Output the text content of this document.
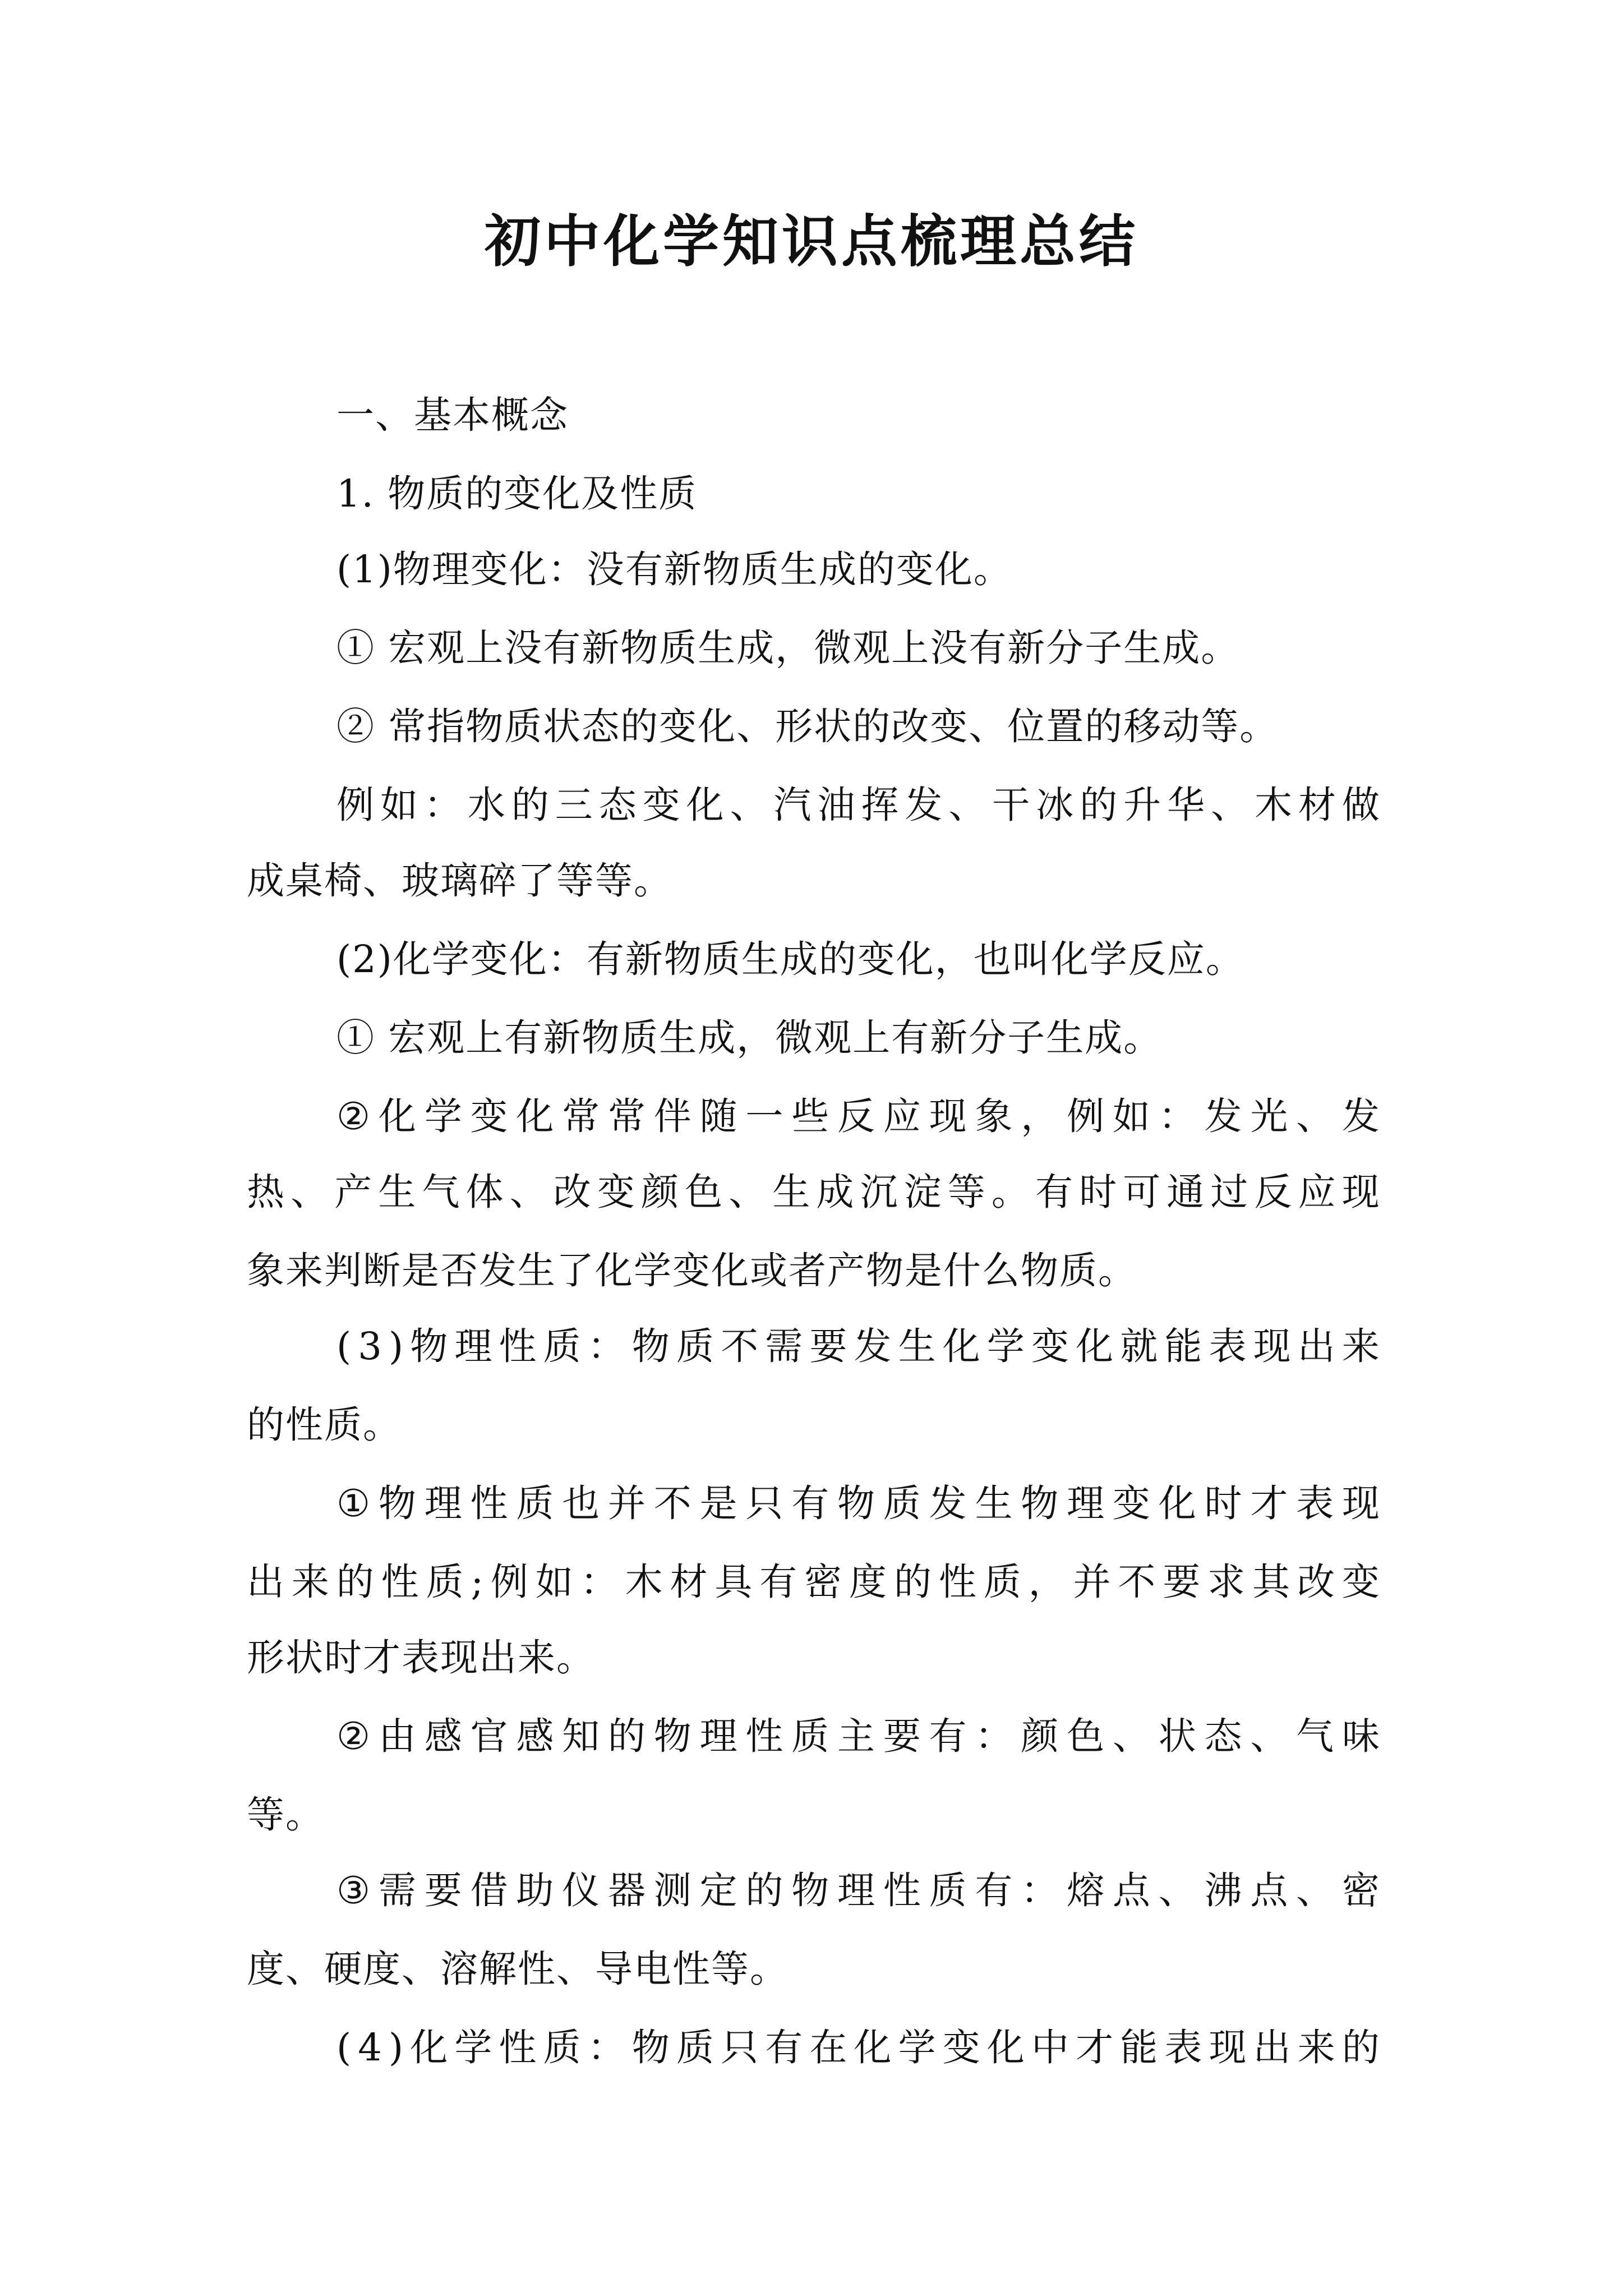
初中化学知识点梳理总结
一、基本概念
1. 物质的变化及性质
(1)物理变化：没有新物质生成的变化。
① 宏观上没有新物质生成，微观上没有新分子生成。
② 常指物质状态的变化、形状的改变、位置的移动等。
例 如 ： 水 的 三 态 变 化 、 汽 油 挥 发 、 干 冰 的 升 华 、 木 材 做
成桌椅、玻璃碎了等等。
(2)化学变化：有新物质生成的变化，也叫化学反应。
① 宏观上有新物质生成，微观上有新分子生成。
② 化 学 变 化 常 常 伴 随 一 些 反 应 现 象 ， 例 如 ： 发 光 、 发
热 、 产 生 气 体 、 改 变 颜 色 、 生 成 沉 淀 等 。 有 时 可 通 过 反 应 现
象来判断是否发生了化学变化或者产物是什么物质。
( 3 ) 物 理 性 质 ： 物 质 不 需 要 发 生 化 学 变 化 就 能 表 现 出 来
的性质。
① 物 理 性 质 也 并 不 是 只 有 物 质 发 生 物 理 变 化 时 才 表 现
出 来 的 性 质 ; 例 如 ： 木 材 具 有 密 度 的 性 质 ， 并 不 要 求 其 改 变
形状时才表现出来。
② 由 感 官 感 知 的 物 理 性 质 主 要 有 ： 颜 色 、 状 态 、 气 味
等。
③ 需 要 借 助 仪 器 测 定 的 物 理 性 质 有 ： 熔 点 、 沸 点 、 密
度、硬度、溶解性、导电性等。
( 4 ) 化 学 性 质 ： 物 质 只 有 在 化 学 变 化 中 才 能 表 现 出 来 的
